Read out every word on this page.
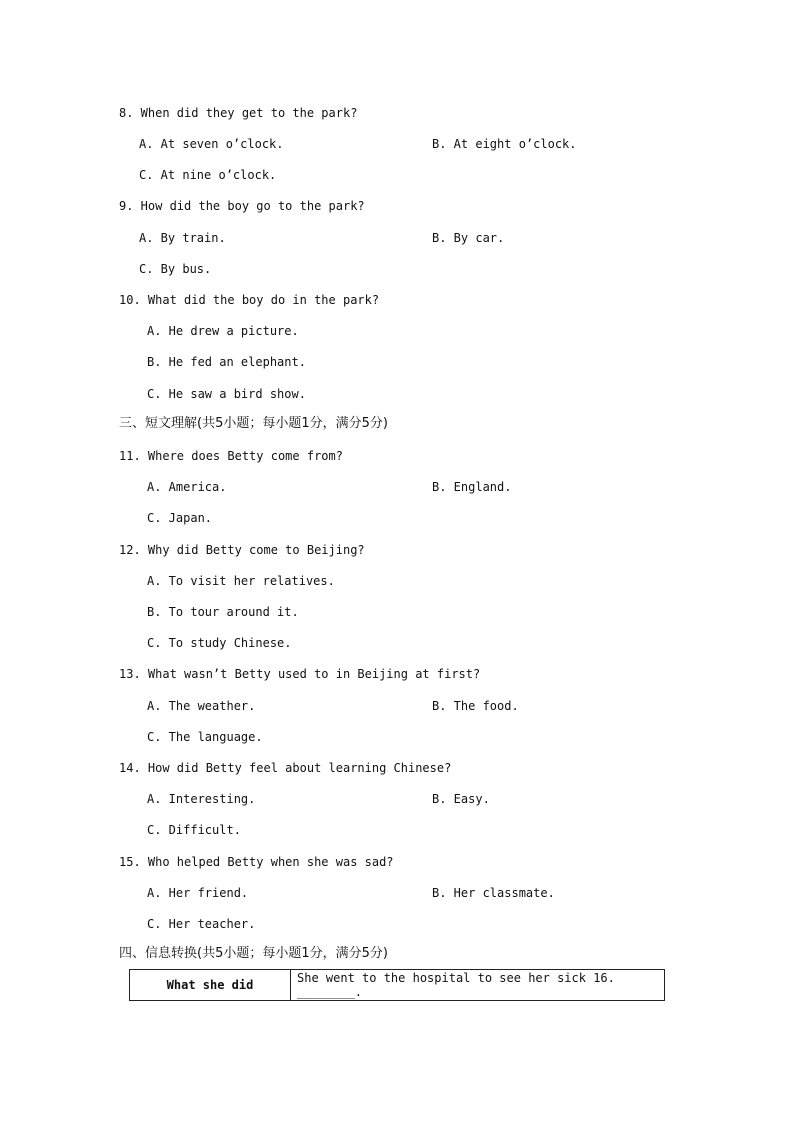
8. When did they get to the park?
A. At seven o’clock.	B. At eight o’clock.
C. At nine o’clock.
9. How did the boy go to the park?
A. By train.	B. By car.
C. By bus.
10. What did the boy do in the park?
A. He drew a picture.
B. He fed an elephant.
C. He saw a bird show.
三、短文理解(共5小题；每小题1分，满分5分)
11. Where does Betty come from?
A. America.	B. England.
C. Japan.
12. Why did Betty come to Beijing?
A. To visit her relatives.
B. To tour around it.
C. To study Chinese.
13. What wasn’t Betty used to in Beijing at first?
A. The weather.	B. The food.
C. The language.
14. How did Betty feel about learning Chinese?
A. Interesting.	B. Easy.
C. Difficult.
15. Who helped Betty when she was sad?
A. Her friend.	B. Her classmate.
C. Her teacher.
四、信息转换(共5小题；每小题1分，满分5分)
What she did	She went to the hospital to see her sick 16. ________.
